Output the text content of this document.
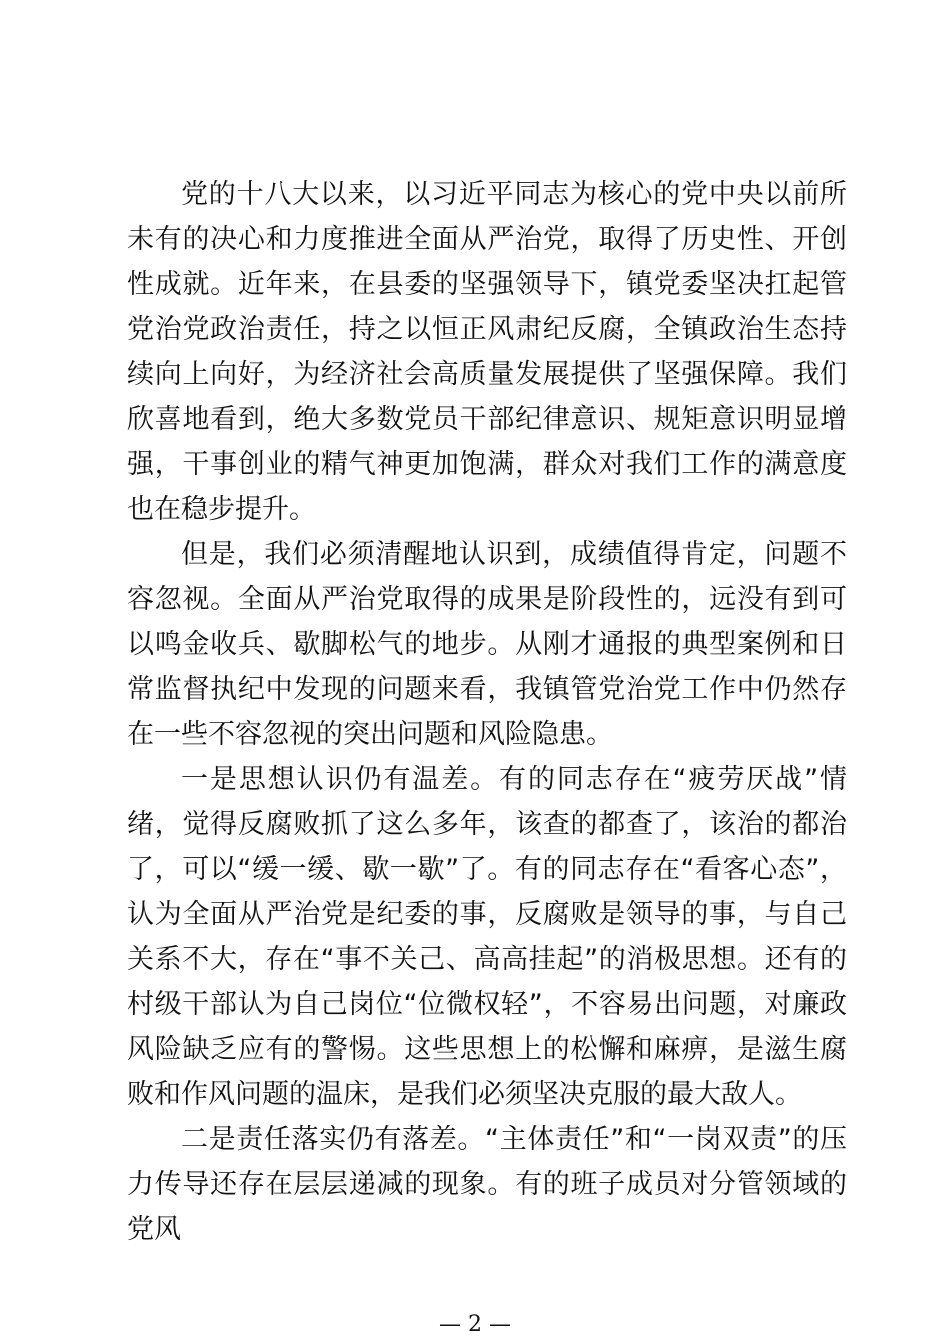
党的十八大以来，以习近平同志为核心的党中央以前所未有的决心和力度推进全面从严治党，取得了历史性、开创性成就。近年来，在县委的坚强领导下，镇党委坚决扛起管党治党政治责任，持之以恒正风肃纪反腐，全镇政治生态持续向上向好，为经济社会高质量发展提供了坚强保障。我们欣喜地看到，绝大多数党员干部纪律意识、规矩意识明显增强，干事创业的精气神更加饱满，群众对我们工作的满意度也在稳步提升。

但是，我们必须清醒地认识到，成绩值得肯定，问题不容忽视。全面从严治党取得的成果是阶段性的，远没有到可以鸣金收兵、歇脚松气的地步。从刚才通报的典型案例和日常监督执纪中发现的问题来看，我镇管党治党工作中仍然存在一些不容忽视的突出问题和风险隐患。

一是思想认识仍有温差。有的同志存在“疲劳厌战”情绪，觉得反腐败抓了这么多年，该查的都查了，该治的都治了，可以“缓一缓、歇一歇”了。有的同志存在“看客心态”，认为全面从严治党是纪委的事，反腐败是领导的事，与自己关系不大，存在“事不关己、高高挂起”的消极思想。还有的村级干部认为自己岗位“位微权轻”，不容易出问题，对廉政风险缺乏应有的警惕。这些思想上的松懈和麻痹，是滋生腐败和作风问题的温床，是我们必须坚决克服的最大敌人。

二是责任落实仍有落差。“主体责任”和“一岗双责”的压力传导还存在层层递减的现象。有的班子成员对分管领域的党风

— 2 —
